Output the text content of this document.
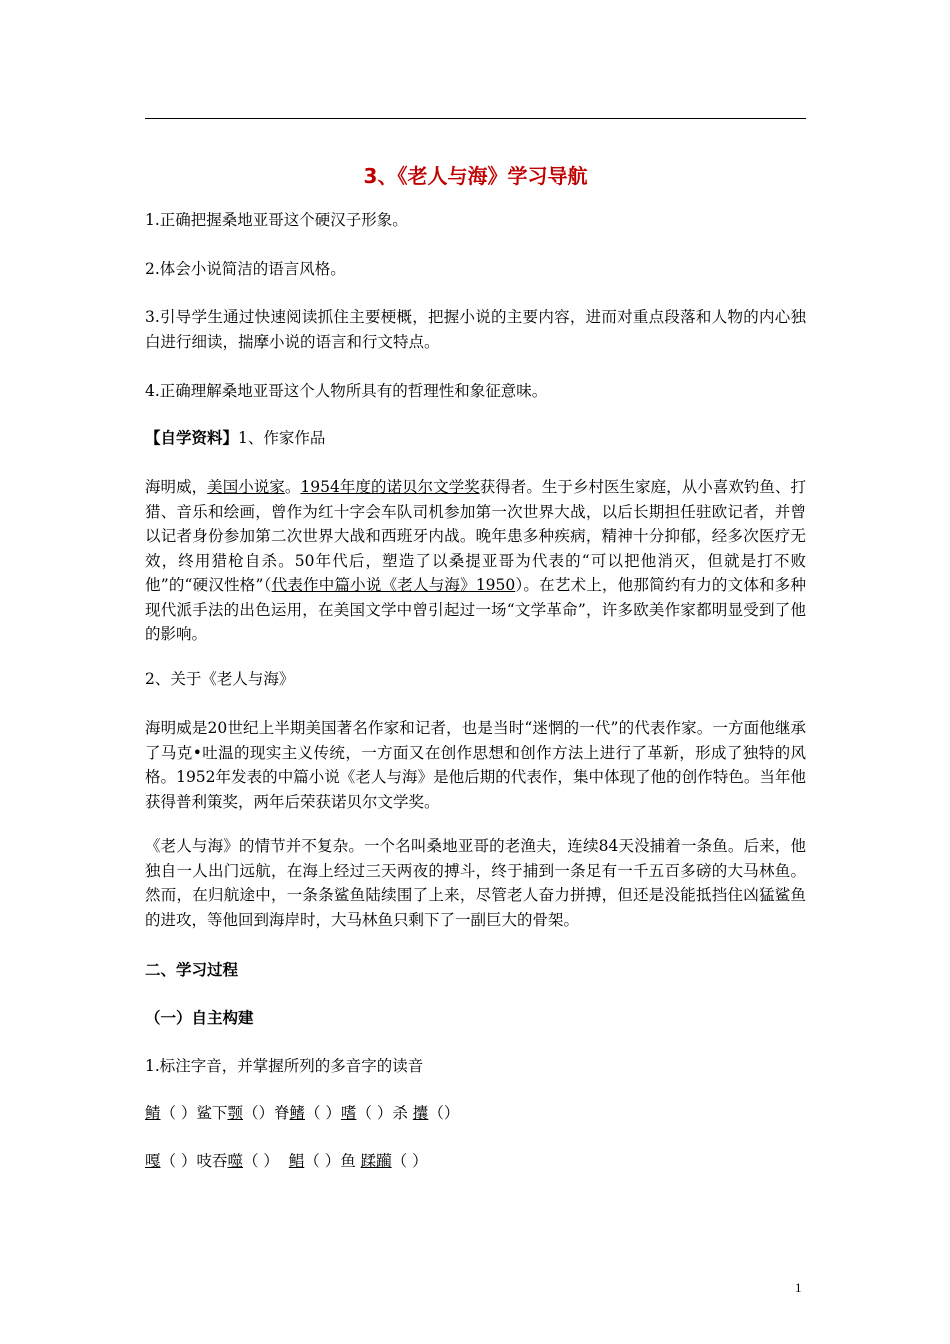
3、《老人与海》学习导航

1.正确把握桑地亚哥这个硬汉子形象。

2.体会小说简洁的语言风格。

3.引导学生通过快速阅读抓住主要梗概，把握小说的主要内容，进而对重点段落和人物的内心独白进行细读，揣摩小说的语言和行文特点。

4.正确理解桑地亚哥这个人物所具有的哲理性和象征意味。

【自学资料】1、作家作品

海明威，美国小说家。1954年度的诺贝尔文学奖获得者。生于乡村医生家庭，从小喜欢钓鱼、打猎、音乐和绘画，曾作为红十字会车队司机参加第一次世界大战，以后长期担任驻欧记者，并曾以记者身份参加第二次世界大战和西班牙内战。晚年患多种疾病，精神十分抑郁，经多次医疗无效，终用猎枪自杀。50年代后，塑造了以桑提亚哥为代表的“可以把他消灭，但就是打不败他”的“硬汉性格”（代表作中篇小说《老人与海》1950）。在艺术上，他那简约有力的文体和多种现代派手法的出色运用，在美国文学中曾引起过一场“文学革命”，许多欧美作家都明显受到了他的影响。

2、关于《老人与海》

海明威是20世纪上半期美国著名作家和记者，也是当时“迷惘的一代”的代表作家。一方面他继承了马克•吐温的现实主义传统，一方面又在创作思想和创作方法上进行了革新，形成了独特的风格。1952年发表的中篇小说《老人与海》是他后期的代表作，集中体现了他的创作特色。当年他获得普利策奖，两年后荣获诺贝尔文学奖。

《老人与海》的情节并不复杂。一个名叫桑地亚哥的老渔夫，连续84天没捕着一条鱼。后来，他独自一人出门远航，在海上经过三天两夜的搏斗，终于捕到一条足有一千五百多磅的大马林鱼。然而，在归航途中，一条条鲨鱼陆续围了上来，尽管老人奋力拼搏，但还是没能抵挡住凶猛鲨鱼的进攻，等他回到海岸时，大马林鱼只剩下了一副巨大的骨架。

二、学习过程

（一）自主构建

1.标注字音，并掌握所列的多音字的读音

鲭（ ）鲨下颚（）脊鳍（ ）嗜（ ）杀 攮（）

嘎（ ）吱吞噬（ ）  鲳（ ）鱼 蹂躏（ ）

1
